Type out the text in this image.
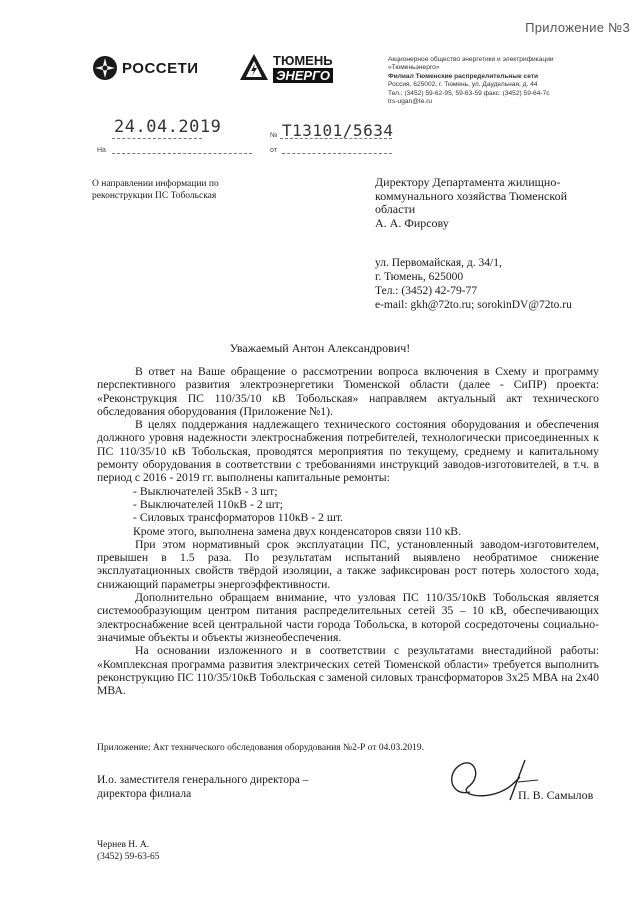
Приложение №3
РОССЕТИ	ТЮМЕНЬ
ЭНЕРГО
Акционерное общество энергетики и электрификации
«Тюменьэнерго»
Филиал Тюменские распределительные сети
Россия, 625002, г. Тюмень, ул. Даудельная, д. 44
Тел.: (3452) 59-62-95, 59-63-59 факс: (3452) 59-64-7с
trs-ugan@te.ru
24.04.2019	№ Т13101/5634
На	от
О направлении информации по
реконструкции ПС Тобольская
Директору Департамента жилищно-
коммунального хозяйства Тюменской
области
А. А. Фирсову
ул. Первомайская, д. 34/1,
г. Тюмень, 625000
Тел.: (3452) 42-79-77
e-mail: gkh@72to.ru; sorokinDV@72to.ru
Уважаемый Антон Александрович!

В ответ на Ваше обращение о рассмотрении вопроса включения в Схему и программу перспективного развития электроэнергетики Тюменской области (далее - СиПР) проекта: «Реконструкция ПС 110/35/10 кВ Тобольская» направляем актуальный акт технического обследования оборудования (Приложение №1).

В целях поддержания надлежащего технического состояния оборудования и обеспечения должного уровня надежности электроснабжения потребителей, технологически присоединенных к ПС 110/35/10 кВ Тобольская, проводятся мероприятия по текущему, среднему и капитальному ремонту оборудования в соответствии с требованиями инструкций заводов-изготовителей, в т.ч. в период с 2016 - 2019 гг. выполнены капитальные ремонты:

- Выключателей 35кВ - 3 шт;

- Выключателей 110кВ - 2 шт;

- Силовых трансформаторов 110кВ - 2 шт.

Кроме этого, выполнена замена двух конденсаторов связи 110 кВ.

При этом нормативный срок эксплуатации ПС, установленный заводом-изготовителем, превышен в 1.5 раза. По результатам испытаний выявлено необратимое снижение эксплуатационных свойств твёрдой изоляции, а также зафиксирован рост потерь холостого хода, снижающий параметры энергоэффективности.

Дополнительно обращаем внимание, что узловая ПС 110/35/10кВ Тобольская является системообразующим центром питания распределительных сетей 35 – 10 кВ, обеспечивающих электроснабжение всей центральной части города Тобольска, в которой сосредоточены социально-значимые объекты и объекты жизнеобеспечения.

На основании изложенного и в соответствии с результатами внестадийной работы: «Комплексная программа развития электрических сетей Тюменской области» требуется выполнить реконструкцию ПС 110/35/10кВ Тобольская с заменой силовых трансформаторов 3х25 МВА на 2х40 МВА.

Приложение: Акт технического обследования оборудования №2-Р от 04.03.2019.
И.о. заместителя генерального директора –
директора филиала	П. В. Самылов
Чернев Н. А.
(3452) 59-63-65
